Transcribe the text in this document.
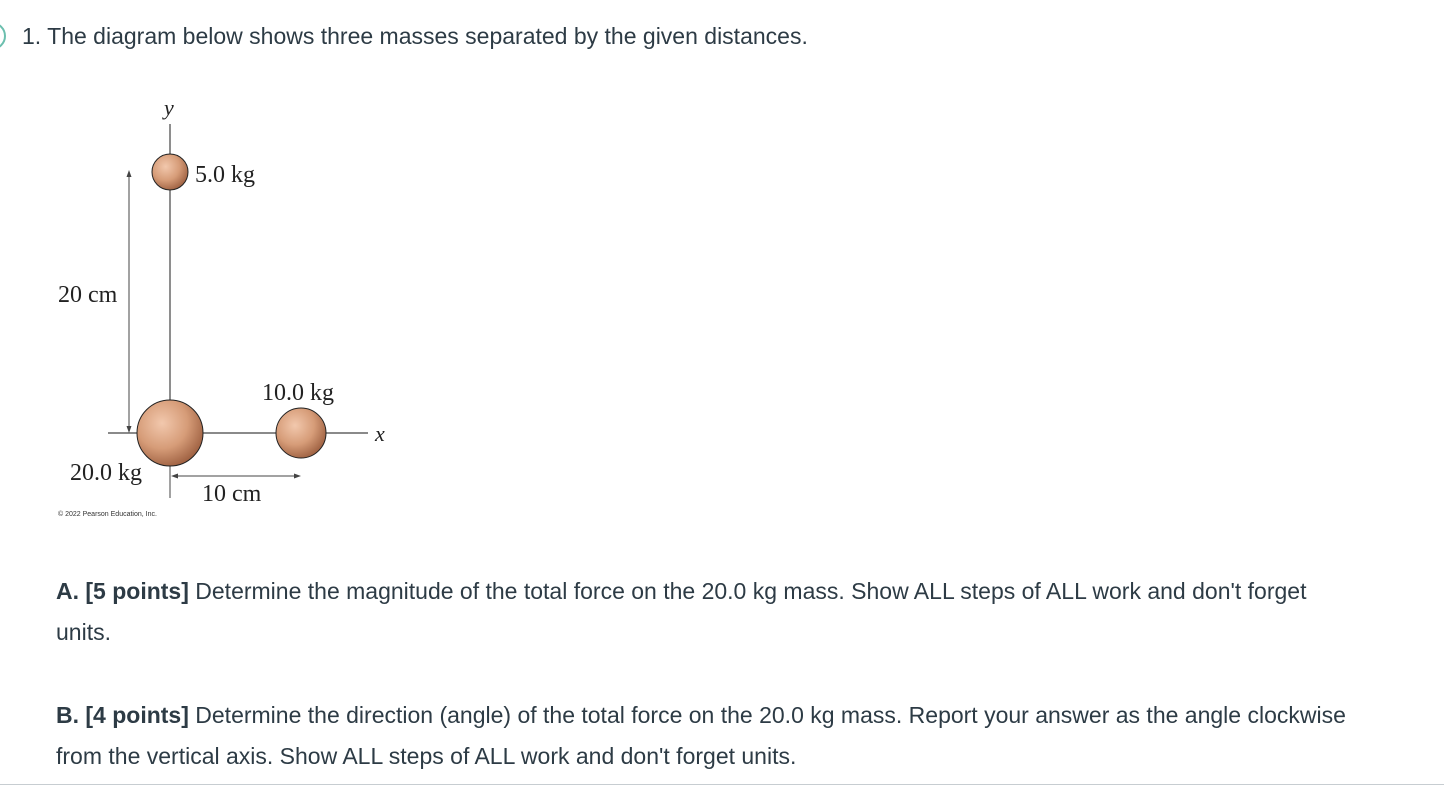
1. The diagram below shows three masses separated by the given distances.
y
x
5.0 kg
10.0 kg
20.0 kg
20 cm
10 cm
© 2022 Pearson Education, Inc.
A. [5 points] Determine the magnitude of the total force on the 20.0 kg mass. Show ALL steps of ALL work and don't forget units.
B. [4 points] Determine the direction (angle) of the total force on the 20.0 kg mass. Report your answer as the angle clockwise from the vertical axis. Show ALL steps of ALL work and don't forget units.
